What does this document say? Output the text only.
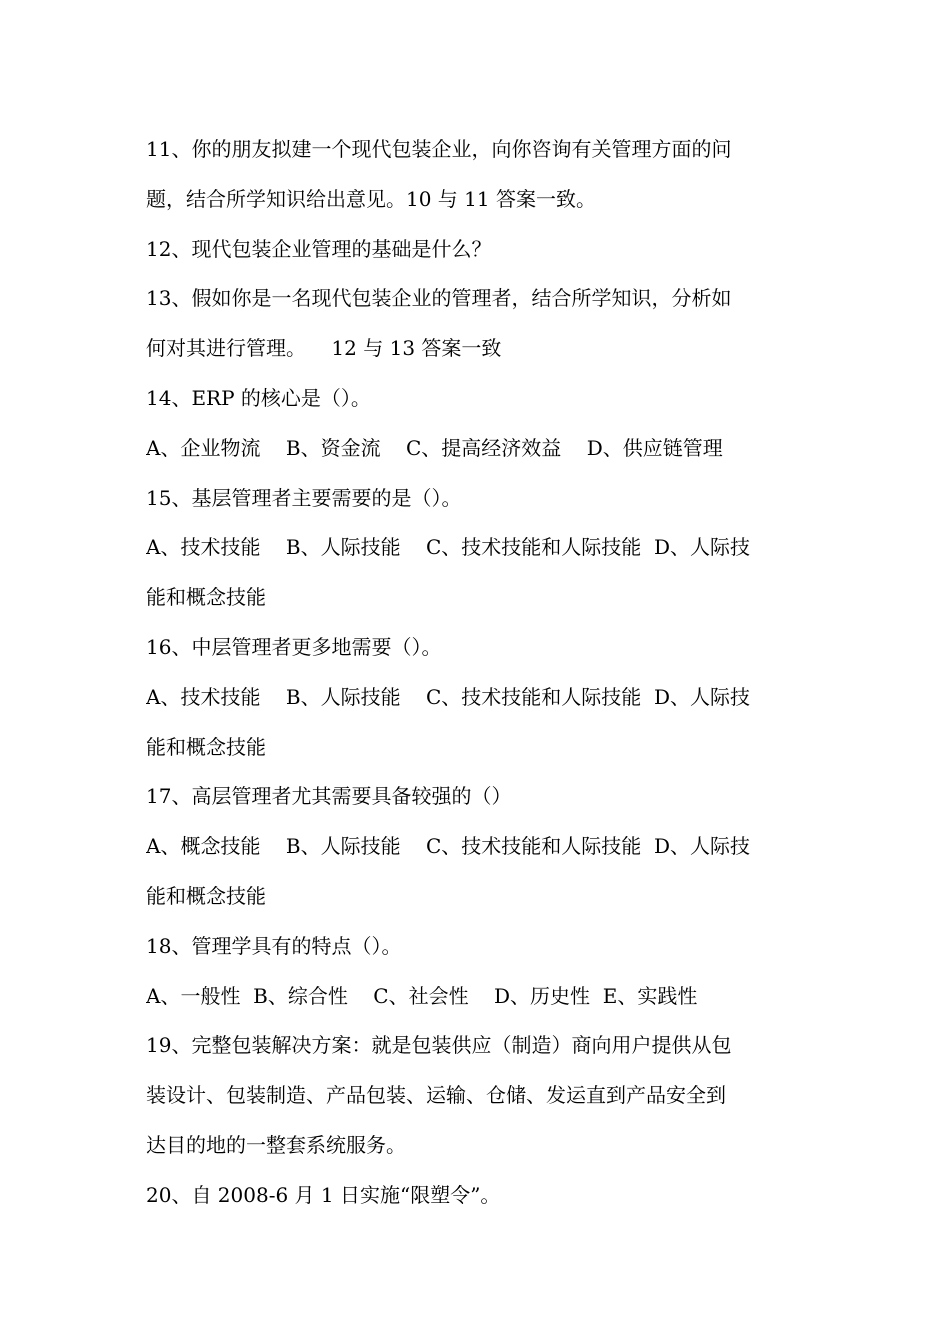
11、你的朋友拟建一个现代包装企业，向你咨询有关管理方面的问
题，结合所学知识给出意见。10 与 11 答案一致。
12、现代包装企业管理的基础是什么？
13、假如你是一名现代包装企业的管理者，结合所学知识，分析如
何对其进行管理。    12 与 13 答案一致
14、ERP 的核心是（）。
A、企业物流    B、资金流    C、提高经济效益    D、供应链管理
15、基层管理者主要需要的是（）。
A、技术技能    B、人际技能    C、技术技能和人际技能  D、人际技
能和概念技能
16、中层管理者更多地需要（）。
A、技术技能    B、人际技能    C、技术技能和人际技能  D、人际技
能和概念技能
17、高层管理者尤其需要具备较强的（）
A、概念技能    B、人际技能    C、技术技能和人际技能  D、人际技
能和概念技能
18、管理学具有的特点（）。
A、一般性  B、综合性    C、社会性    D、历史性  E、实践性
19、完整包装解决方案：就是包装供应（制造）商向用户提供从包
装设计、包装制造、产品包装、运输、仓储、发运直到产品安全到
达目的地的一整套系统服务。
20、自 2008-6 月 1 日实施“限塑令”。
